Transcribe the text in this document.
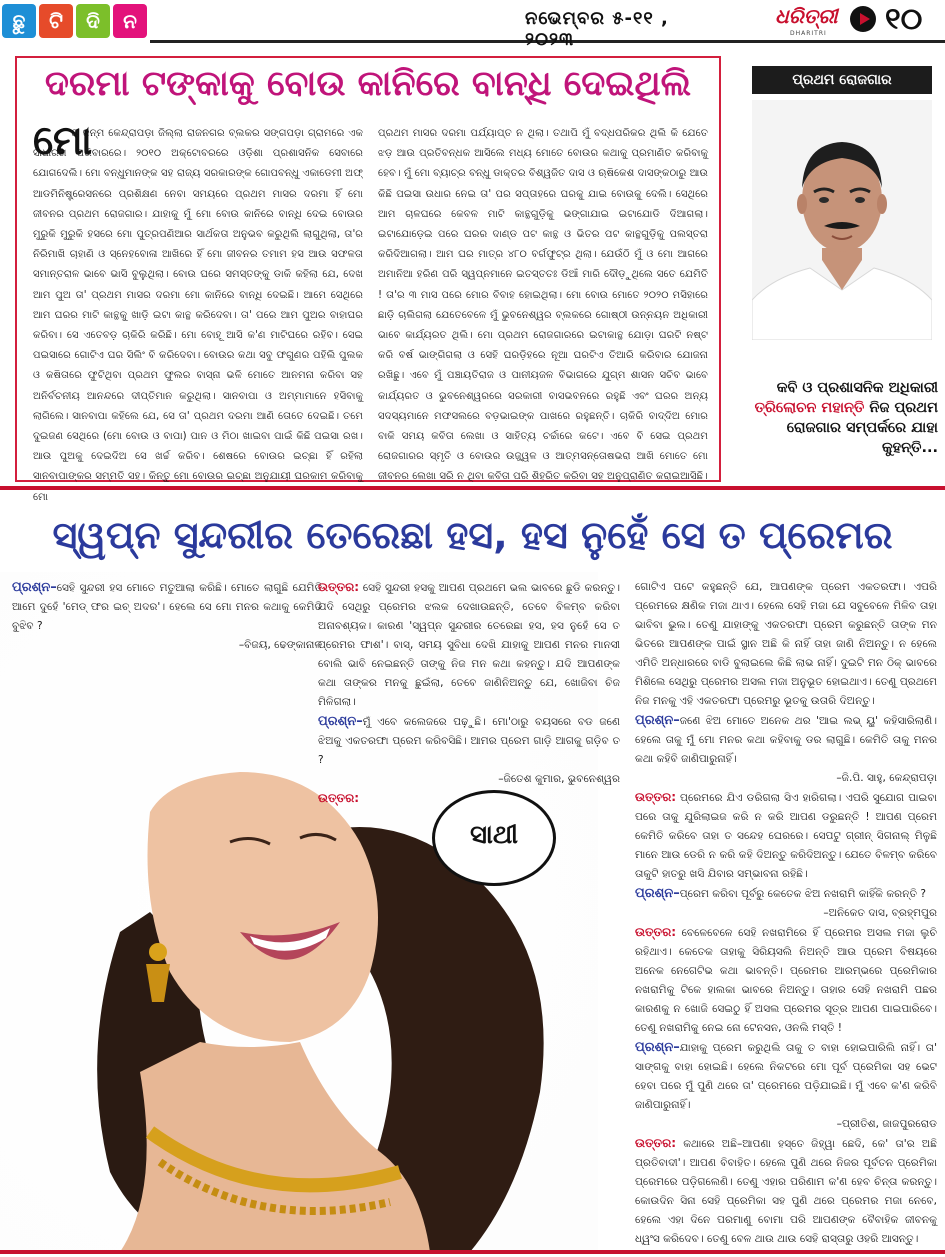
ଛୁ	ଟି	ଦି	ନ	ନଭେମ୍ବର ୫-୧୧ , ୨୦୨୩
ଧରିତ୍ରୀ
DHARITRI ୧୦
ଦରମା ଟଙ୍କାକୁ ବୋଉ କାନିରେ ବାନ୍ଧି ଦେଇଥିଲି
ମୋ
ର ଜନ୍ମ କେନ୍ଦ୍ରାପଡ଼ା ଜିଲ୍ଲା ରାଜନଗର ବ୍ଲକର ସଙ୍ଗପଡ଼ା ଗ୍ରାମରେ ଏକ ସାଧାରଣ ପରିବାରରେ। ୨୦୧୦ ଅକ୍ଟୋବରରେ ଓଡ଼ିଶା ପ୍ରଶାସନିକ ସେବାରେ ଯୋଗଦେଲି। ମୋ ବନ୍ଧୁମାନଙ୍କ ସହ ରାଜ୍ୟ ସରକାରଙ୍କ ଗୋପବନ୍ଧୁ ଏକାଡେମୀ ଅଫ୍ ଆଡମିନିଷ୍ଟ୍ରେସନରେ ପ୍ରଶିକ୍ଷଣ ନେବା ସମୟରେ ପ୍ରଥମ ମାସର ଦରମା ହିଁ ମୋ ଜୀବନର ପ୍ରଥମ ରୋଜଗାର। ଯାହାକୁ ମୁଁ ମୋ ବୋଉ କାନିରେ ବାନ୍ଧି ଦେଇ ବୋଉର ମୁରୁକି ମୁରୁକି ହସରେ ମୋ ପୁତ୍ରପଣିଆର ସାର୍ଥକତା ଅନୁଭବ କରୁଥିଲି ଲାଗୁଥିଲା, ତା'ର ନିରିମାଖି ଚାହାଣି ଓ ସ୍ନେହବୋଳା ଆଖିରେ ହିଁ ମୋ ଜୀବନର ତମାମ ହସ ଆଉ ସଫଳତା ସମାନ୍ତରାଳ ଭାବେ ଭାସି ବୁଲୁଥିଲା। ବୋଉ ଘରେ ସମସ୍ତଙ୍କୁ ଡାକି କହିଲା ଯେ, ଦେଖ ଆମ ପୁଅ ତା' ପ୍ରଥମ ମାସର ଦରମା ମୋ କାନିରେ ବାନ୍ଧି ଦେଇଛି। ଆମେ ସେଥିରେ ଆମ ଘରର ମାଟି କାନ୍ଥକୁ ଖାଡ଼ି ଇଟା କାନ୍ଥ କରିଦେବା। ତା' ପରେ ଆମ ପୁଅର ବାହାଘର କରିବା। ସେ ଏତେବଡ଼ ଚାକିରି କରିଛି। ମୋ ବୋହୂ ଆସି କ'ଣ ମାଟିଘରେ ରହିବ। ସେଇ ପଇସାରେ ଗୋଟିଏ ଘର ସିଲିଂ ବି କରିଦେବା। ବୋଉର କଥା ସବୁ ଫଗୁଣର ପହିଲି ପୁଲକ ଓ କଷିତାରେ ଫୁଟିଥିବା ପ୍ରଥମ ଫୁଲର ବାସ୍ନା ଭଳି ମୋତେ ଆନମନା କରିବା ସହ ଅନିର୍ବଚନୀୟ ଆନନ୍ଦରେ ଦୀପ୍ତିମାନ କରୁଥିଲା। ସାନବାପା ଓ ଅମ୍ମାମାନେ ହସିବାକୁ ଲାଗିଲେ। ସାନବାପା କହିଲେ ଯେ, ସେ ତା' ପ୍ରଥମ ଦରମା ଆଣି ତୋତେ ଦେଇଛି। ତମେ ଦୁଇଜଣ ସେଥିରେ (ମୋ ବୋଉ ଓ ବାପା) ପାନ ଓ ମିଠା ଖାଇବା ପାଇଁ କିଛି ପଇସା ରଖ। ଆଉ ପୁଅକୁ ଦେଇଦିଅ ସେ ଖର୍ଚ୍ଚ କରିବ। ଶେଷରେ ବୋଉର ଇଚ୍ଛା ହିଁ ରହିଲା ସାନବାପାଙ୍କର ସମ୍ମତି ସହ। କିନ୍ତୁ ମୋ ବୋଉର ଇଚ୍ଛା ଅନୁଯାୟୀ ଘରକାମ କରିବାକୁ ମୋ
ପ୍ରଥମ ମାସର ଦରମା ପର୍ଯ୍ୟାପ୍ତ ନ ଥିଲା। ତଥାପି ମୁଁ ବଦ୍ଧପରିକର ଥିଲି କି ଯେତେ ଝଡ଼ ଆଉ ପ୍ରତିବନ୍ଧକ ଆସିଲେ ମଧ୍ୟ ମୋତେ ବୋଉର କଥାକୁ ପ୍ରମାଣିତ କରିବାକୁ ହେବ। ମୁଁ ମୋ ବ୍ୟାଚ୍‌ର ବନ୍ଧୁ ଡାକ୍ତର ବିଶ୍ୱଜିତ ଦାସ ଓ ଋଷିକେଶ ଦାସଙ୍କଠାରୁ ଆଉ କିଛି ପଇସା ଉଧାର ନେଇ ତା' ପର ସପ୍ତାହରେ ଘରକୁ ଯାଇ ବୋଉକୁ ଦେଲି। ସେଥିରେ ଆମ ଚାଳଘରେ କେବଳ ମାଟି କାନ୍ଥଗୁଡ଼ିକୁ ଭଙ୍ଗାଯାଇ ଇଟାଯୋଡି ଦିଆଗଲା। ଇଟାଯୋଡ଼େଇ ପରେ ଘରର ଦାଣ୍ଡ ପଟ କାନ୍ଥ ଓ ଭିତର ପଟ କାନ୍ଥଗୁଡ଼ିକୁ ପଲସ୍ତରା କରିଦିଆଗଲା। ଆମ ଘର ମାତ୍ର ୪୮୦ ବର୍ଗଫୁଟ୍‌ର ଥିଲା। ଯେଉଁଠି ମୁଁ ଓ ମୋ ଆଗରେ ଅମାନିଆ ହରିଣ ପରି ସ୍ୱପ୍ନମାନେ ଇତସ୍ତତଃ ଡିଆଁ ମାରି ଦୌଡ଼ୁଥିଲେ ସତେ ଯେମିତି ! ତା'ର ୩ ମାସ ପରେ ମୋର ବିବାହ ହୋଇଥିଲା। ମୋ ବୋଉ ମୋତେ ୨୦୨୦ ମସିହାରେ ଛାଡ଼ି ଚାଲିଗଲା ଯେତେବେଳେ ମୁଁ ଭୁବନେଶ୍ୱର ବ୍ଲକରେ ଗୋଷ୍ଠୀ ଉନ୍ନୟନ ଅଧିକାରୀ ଭାବେ କାର୍ଯ୍ୟରତ ଥିଲି। ମୋ ପ୍ରଥମ ରୋଜଗାରରେ ଇଟାକାନ୍ଥ ଯୋଡ଼ା ଘରଟି ନଷ୍ଟ କରି ବର୍ଷ ଭାଙ୍ଗିଗଲା ଓ ସେହି ଘରଡ଼ିହରେ ନୂଆ ଘରଟିଏ ତିଆରି କରିବାର ଯୋଜନା ରଖିଛୁ। ଏବେ ମୁଁ ପଞ୍ଚାୟତିରାଜ ଓ ପାନୀୟଜଳ ବିଭାଗରେ ଯୁଗ୍ମ ଶାସନ ସଚିବ ଭାବେ କାର୍ଯ୍ୟରତ ଓ ଭୁବନେଶ୍ୱରରେ ସରକାରୀ ବାସଭବନରେ ରହୁଛି ଏବଂ ଘରର ଅନ୍ୟ ସଦସ୍ୟମାନେ ମଫସଲରେ ବଡ଼ଭାଇଙ୍କ ପାଖରେ ରହୁଛନ୍ତି। ଚାକିରି ବାଦ୍‌ଦିଅ ମୋର ବାକି ସମୟ କବିତା ଲେଖା ଓ ସାହିତ୍ୟ ଚର୍ଚ୍ଚାରେ କଟେ। ଏବେ ବି ସେଇ ପ୍ରଥମ ରୋଜଗାରର ସ୍ମୃତି ଓ ବୋଉର ଉଜ୍ଜ୍ୱଳ ଓ ଆତ୍ମସନ୍ତୋଷଭରା ଆଖି ମୋତେ ମୋ ଜୀବନର ଲେଖା ସରି ନ ଥିବା କବିତା ପରି ଶିହରିତ କରିବା ସହ ଅନୁପ୍ରାଣିତ କରାଇଆସିଛି।
ପ୍ରଥମ ରୋଜଗାର
କବି ଓ ପ୍ରଶାସନିକ ଅଧିକାରୀ ତ୍ରିଲୋଚନ ମହାନ୍ତି ନିଜ ପ୍ରଥମ ରୋଜଗାର ସମ୍ପର୍କରେ ଯାହା କୁହନ୍ତି...
ସ୍ୱପ୍ନ ସୁନ୍ଦରୀର ତେରେଛା ହସ, ହସ ନୁହେଁ ସେ ତ ପ୍ରେମର
ସାଥୀ
ପ୍ରଶ୍ନ–ସେହି ସୁନ୍ଦରୀ ହସ ମୋତେ ମତୁଆଲା କରିଛି। ମୋତେ ଲାଗୁଛି ଯେମିତି ଆମେ ଦୁହେଁ 'ମେଡ୍ ଫର ଇଚ୍ ଅଦର'। ହେଲେ ସେ ମୋ ମନର କଥାକୁ କେମିତି ବୁଝିବ ?
–ବିଜୟ, ଢେଙ୍କାନାଳ
ଉତ୍ତର: ସେହି ସୁନ୍ଦରୀ ହସକୁ ଆପଣ ପ୍ରଥମେ ଭଲ ଭାବରେ ଛୁଡି କରନ୍ତୁ। ଯଦି ସେଥିରୁ ପ୍ରେମର ଝଲକ ଦେଖାଉଛନ୍ତି, ତେବେ ବିଳମ୍ବ କରିବା ଅନାବଶ୍ୟକ। କାରଣ 'ସ୍ୱପ୍ନ ସୁନ୍ଦରୀର ତେରେଛା ହସ, ହସ ନୁହେଁ ସେ ତ ପ୍ରେମର ଫାଶ'। ବାସ୍, ସମୟ ସୁବିଧା ଦେଖି ଯାହାକୁ ଆପଣ ମନର ମାନସୀ ବୋଲି ଭାବି ନେଇଛନ୍ତି ତାଙ୍କୁ ନିଜ ମନ କଥା କହନ୍ତୁ। ଯଦି ଆପଣଙ୍କ କଥା ତାଙ୍କର ମନକୁ ଛୁଇଁଲା, ତେବେ ଜାଣିନିଅନ୍ତୁ ଯେ, ଖୋଜିବା ଚିଜ ମିଳିଗଲା।
ପ୍ରଶ୍ନ–ମୁଁ ଏବେ କଲେଜରେ ପଢ଼ୁଛି। ମୋ'ଠାରୁ ବୟସରେ ବଡ ଜଣେ ଝିଅକୁ ଏକତରଫା ପ୍ରେମ କରିବସିଛି। ଆମର ପ୍ରେମ ଗାଡ଼ି ଆଗକୁ ଗଡ଼ିବ ତ ?
–ଜିତେଶ କୁମାର, ଭୁବନେଶ୍ୱର
ଉତ୍ତର:
ଗୋଟିଏ ପଟେ କହୁଛନ୍ତି ଯେ, ଆପଣଙ୍କ ପ୍ରେମ ଏକତରଫା। ଏପରି ପ୍ରେମରେ କ୍ଷଣିକ ମଜା ଥାଏ। ହେଲେ ସେହି ମଜା ଯେ ସବୁବେଳେ ମିଳିବ ତାହା ଭାବିବା ଭୁଲ। ତେଣୁ ଯାହାଙ୍କୁ ଏକତରଫା ପ୍ରେମ କରୁଛନ୍ତି ତାଙ୍କ ମନ ଭିତରେ ଆପଣଙ୍କ ପାଇଁ ସ୍ଥାନ ଅଛି କି ନାହିଁ ତାହା ଜାଣି ନିଅନ୍ତୁ। ନ ହେଲେ ଏମିତି ଅନ୍ଧାରରେ ବାଡି ବୁଲାଇଲେ କିଛି ଲାଭ ନାହିଁ। ଦୁଇଟି ମନ ଠିକ୍ ଭାବରେ ମିଶିଲେ ସେଥିରୁ ପ୍ରେମର ଅସଲ ମଜା ଅନୁଭୂତ ହୋଇଥାଏ। ତେଣୁ ପ୍ରଥମେ ନିଜ ମନକୁ ଏହି ଏକତରଫା ପ୍ରେମରୁ ଭୂତକୁ ଉତାରି ଦିଅନ୍ତୁ।
ପ୍ରଶ୍ନ–ଜଣେ ଝିଅ ମୋତେ ଅନେକ ଥର 'ଆଇ ଲଭ୍ ୟୁ' କହିସାରିଲାଣି। ହେଲେ ତାକୁ ମୁଁ ମୋ ମନର କଥା କହିବାକୁ ଡର ଲାଗୁଛି। କେମିତି ତାକୁ ମନର କଥା କହିବି ଜାଣିପାରୁନାହିଁ।
–ଜି.ପି. ସାହୁ, କେନ୍ଦ୍ରାପଡ଼ା
ଉତ୍ତର: ପ୍ରେମରେ ଯିଏ ଡରିଗଲା ସିଏ ହାରିଗଲା। ଏପରି ସୁଯୋଗ ପାଇବା ପରେ ତାକୁ ଯୁରିଲାଇଜ କରି ନ କରି ଆପଣ ଡରୁଛନ୍ତି ! ଆପଣ ପ୍ରେମ କେମିତି କରିବେ ତାହା ତ ସନ୍ଦେହ ଘେରରେ। ସେପଟୁ ଗ୍ରୀନ୍ ସିଗନାଲ୍ ମିଳୁଛି ମାନେ ଆଉ ଡେରି ନ କରି କହି ଦିଅନ୍ତୁ କରିଦିଅନ୍ତୁ। ଯେତେ ବିଳମ୍ବ କରିବେ ତାକୁଟି ହାତରୁ ଖସି ଯିବାର ସମ୍ଭାବନା ରହିଛି।
ପ୍ରଶ୍ନ–ପ୍ରେମ କରିବା ପୂର୍ବରୁ କେତେକ ଝିଅ ନଖରାମି କାହିଁକି କରନ୍ତି ?
–ଅନିକେତ ଦାସ, ବ୍ରହ୍ମପୁର
ଉତ୍ତର: ବେଳେବେଳେ ସେହି ନଖରାମିରେ ହିଁ ପ୍ରେମର ଅସଲ ମଜା ଲୁଚି ରହିଥାଏ। କେତେକ ତାହାକୁ ସିରିୟସଲି ନିଅନ୍ତି ଆଉ ପ୍ରେମ ବିଷୟରେ ଅନେକ ନେଗେଟିଭ କଥା ଭାବନ୍ତି। ପ୍ରେମର ଆରମ୍ଭରେ ପ୍ରେମିକାର ନଖରାମିକୁ ଟିକେ ହାଲକା ଭାବରେ ନିଅନ୍ତୁ। ତାହାର ସେହି ନଖରାମି ପଛର କାରଣକୁ ନ ଖୋଜି ସେଇଠୁ ହିଁ ଅସଲ ପ୍ରେମର ସୂତ୍ର ଆପଣ ପାଇପାରିବେ। ତେଣୁ ନଖରାମିକୁ ନେଇ ନୋ ଟେନସନ, ଓନଲି ମସ୍ତି !
ପ୍ରଶ୍ନ–ଯାହାକୁ ପ୍ରେମ କରୁଥିଲି ତାକୁ ତ ବାହା ହୋଇପାରିଲି ନାହିଁ। ତା' ସାଙ୍ଗକୁ ବାହା ହୋଇଛି। ହେଲେ ନିକଟରେ ମୋ ପୂର୍ବ ପ୍ରେମିକା ସହ ଭେଟ ହେବା ପରେ ମୁଁ ପୁଣି ଥରେ ତା' ପ୍ରେମରେ ପଡ଼ିଯାଇଛି। ମୁଁ ଏବେ କ'ଣ କରିବି ଜାଣିପାରୁନାହିଁ।
–ପ୍ରୀତିଶ, ଜାଜପୁରରୋଡ
ଉତ୍ତର: କଥାରେ ଅଛି–ଆପଣା ହସ୍ତେ ଜିହ୍ୱା ଛେଦି, କେ' ତା'ର ଅଛି ପ୍ରତିବାଦୀ'। ଆପଣ ବିବାହିତ। ହେଲେ ପୁଣି ଥରେ ନିଜର ପୂର୍ବତନ ପ୍ରେମିକା ପ୍ରେମରେ ପଡ଼ିଗଲେଣି। ତେଣୁ ଏହାର ପରିଣାମ କ'ଣ ହେବ ଚିନ୍ତା କରନ୍ତୁ। କୋଉଦିନ ସିନା ସେହି ପ୍ରେମିକା ସହ ପୁଣି ଥରେ ପ୍ରେମର ମଜା ନେବେ, ହେଲେ ଏହା ଦିନେ ପରମାଣୁ ବୋମା ପରି ଆପଣଙ୍କ ବୈବାହିକ ଜୀବନକୁ ଧ୍ୱଂସ କରିଦେବ। ତେଣୁ ବେଳ ଥାଉ ଥାଉ ସେହି ରାସ୍ତାରୁ ଓହରି ଆସନ୍ତୁ।
